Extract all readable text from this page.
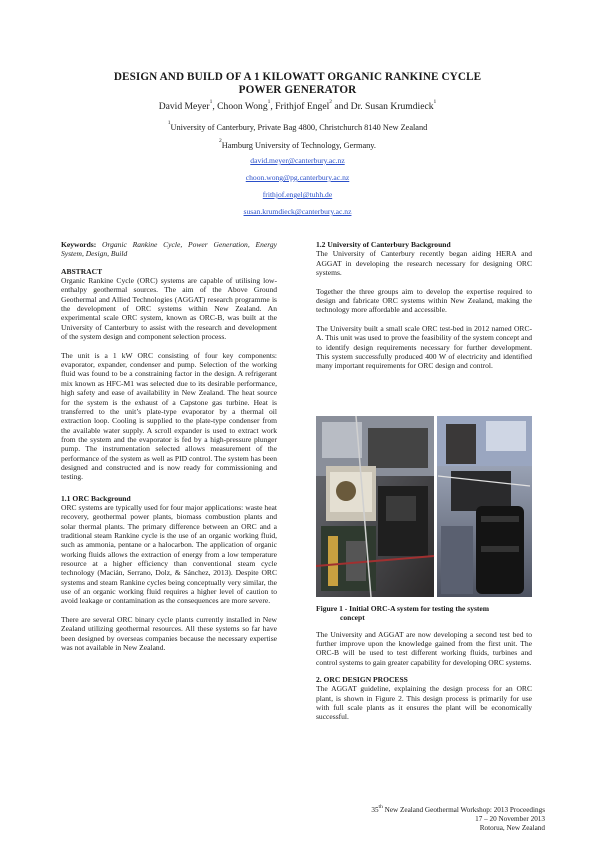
DESIGN AND BUILD OF A 1 KILOWATT ORGANIC RANKINE CYCLE
POWER GENERATOR
David Meyer$^1$, Choon Wong$^1$, Frithjof Engel$^2$ and Dr. Susan Krumdieck$^1$
$^1$University of Canterbury, Private Bag 4800, Christchurch 8140 New Zealand
$^2$Hamburg University of Technology, Germany.
david.meyer@canterbury.ac.nz
choon.wong@pg.canterbury.ac.nz
frithjof.engel@tuhh.de
susan.krumdieck@canterbury.ac.nz

Keywords: Organic Rankine Cycle, Power Generation, Energy System, Design, Build

ABSTRACT

Organic Rankine Cycle (ORC) systems are capable of utilising low-enthalpy geothermal sources. The aim of the Above Ground Geothermal and Allied Technologies (AGGAT) research programme is the development of ORC systems within New Zealand. An experimental scale ORC system, known as ORC-B, was built at the University of Canterbury to assist with the research and development of the system design and component selection process.

The unit is a 1 kW ORC consisting of four key components: evaporator, expander, condenser and pump. Selection of the working fluid was found to be a constraining factor in the design. A refrigerant mix known as HFC-M1 was selected due to its desirable performance, high safety and ease of availability in New Zealand. The heat source for the system is the exhaust of a Capstone gas turbine. Heat is transferred to the unit’s plate-type evaporator by a thermal oil extraction loop. Cooling is supplied to the plate-type condenser from the available water supply. A scroll expander is used to extract work from the system and the evaporator is fed by a high-pressure plunger pump. The instrumentation selected allows measurement of the performance of the system as well as PID control. The system has been designed and constructed and is now ready for commissioning and testing.

1.1 ORC Background

ORC systems are typically used for four major applications: waste heat recovery, geothermal power plants, biomass combustion plants and solar thermal plants. The primary difference between an ORC and a traditional steam Rankine cycle is the use of an organic working fluid, such as ammonia, pentane or a halocarbon. The application of organic working fluids allows the extraction of energy from a low temperature resource at a higher efficiency than conventional steam cycle technology (Macián, Serrano, Dolz, & Sánchez, 2013). Despite ORC systems and steam Rankine cycles being conceptually very similar, the use of an organic working fluid requires a higher level of caution to avoid leakage or contamination as the consequences are more severe.

There are several ORC binary cycle plants currently installed in New Zealand utilizing geothermal resources. All these systems so far have been designed by overseas companies because the necessary expertise was not available in New Zealand.

1.2 University of Canterbury Background

The University of Canterbury recently began aiding HERA and AGGAT in developing the research necessary for designing ORC systems.

Together the three groups aim to develop the expertise required to design and fabricate ORC systems within New Zealand, making the technology more affordable and accessible.

The University built a small scale ORC test-bed in 2012 named ORC-A. This unit was used to prove the feasibility of the system concept and to identify design requirements necessary for further development. This system successfully produced 400 W of electricity and identified many important requirements for ORC design and control.

Figure 1 - Initial ORC-A system for testing the system
concept

The University and AGGAT are now developing a second test bed to further improve upon the knowledge gained from the first unit. The ORC-B will be used to test different working fluids, turbines and control systems to gain greater capability for developing ORC systems.

2. ORC DESIGN PROCESS

The AGGAT guideline, explaining the design process for an ORC plant, is shown in Figure 2. This design process is primarily for use with full scale plants as it ensures the plant will be economically successful.

35th New Zealand Geothermal Workshop: 2013 Proceedings
17 – 20 November 2013
Rotorua, New Zealand
